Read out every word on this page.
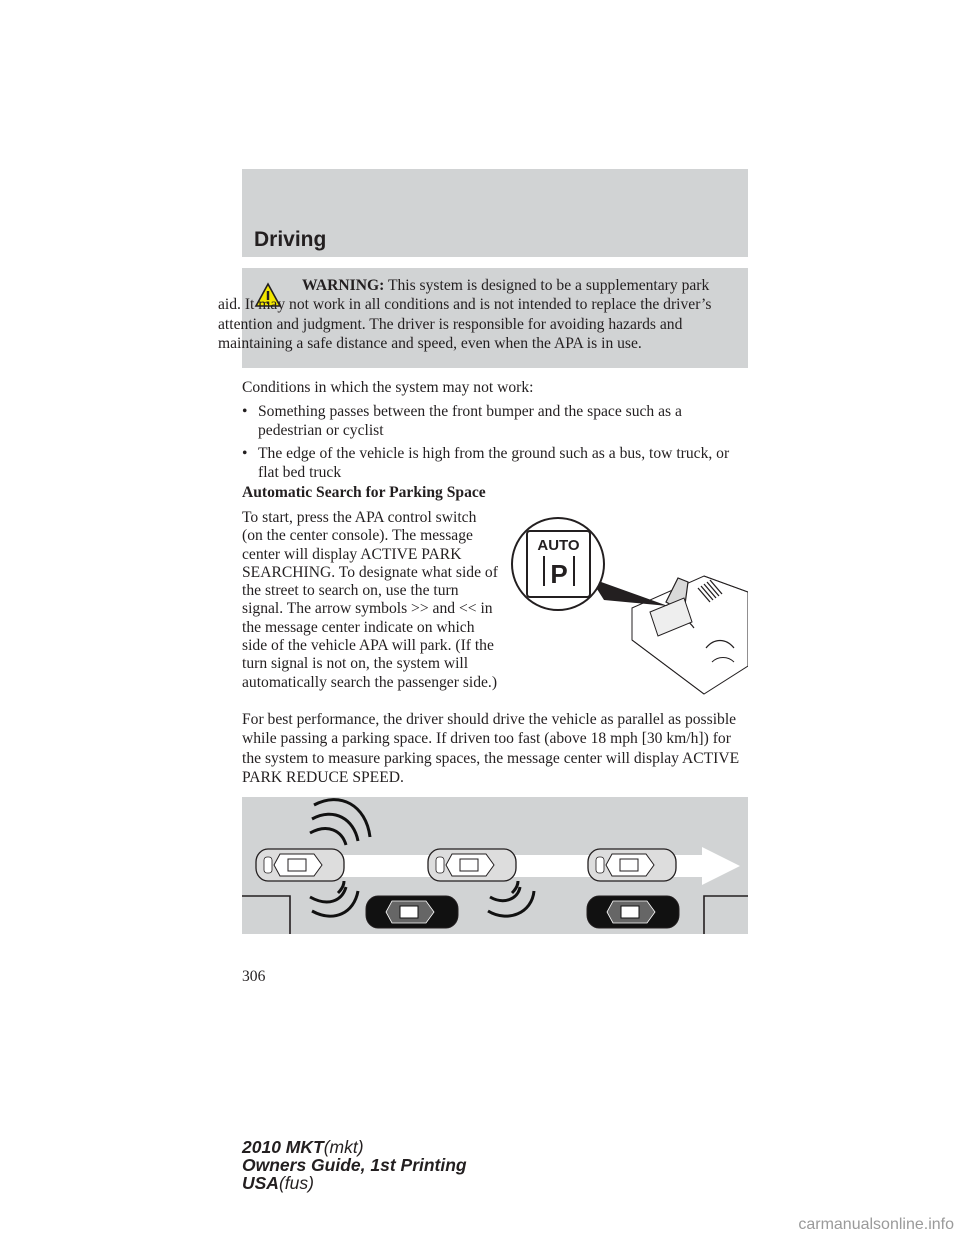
Driving
WARNING: This system is designed to be a supplementary park
aid. It may not work in all conditions and is not intended to replace the driver’s attention and judgment. The driver is responsible for avoiding hazards and maintaining a safe distance and speed, even when the APA is in use.
Conditions in which the system may not work:
• Something passes between the front bumper and the space such as a pedestrian or cyclist
• The edge of the vehicle is high from the ground such as a bus, tow truck, or flat bed truck
Automatic Search for Parking Space
To start, press the APA control switch (on the center console). The message center will display ACTIVE PARK SEARCHING. To designate what side of the street to search on, use the turn signal. The arrow symbols >> and << in the message center indicate on which side of the vehicle APA will park. (If the turn signal is not on, the system will automatically search the passenger side.)
AUTO
P
For best performance, the driver should drive the vehicle as parallel as possible while passing a parking space. If driven too fast (above 18 mph [30 km/h]) for the system to measure parking spaces, the message center will display ACTIVE PARK REDUCE SPEED.
306
2010 MKT(mkt)
Owners Guide, 1st Printing
USA(fus)
carmanualsonline.info
